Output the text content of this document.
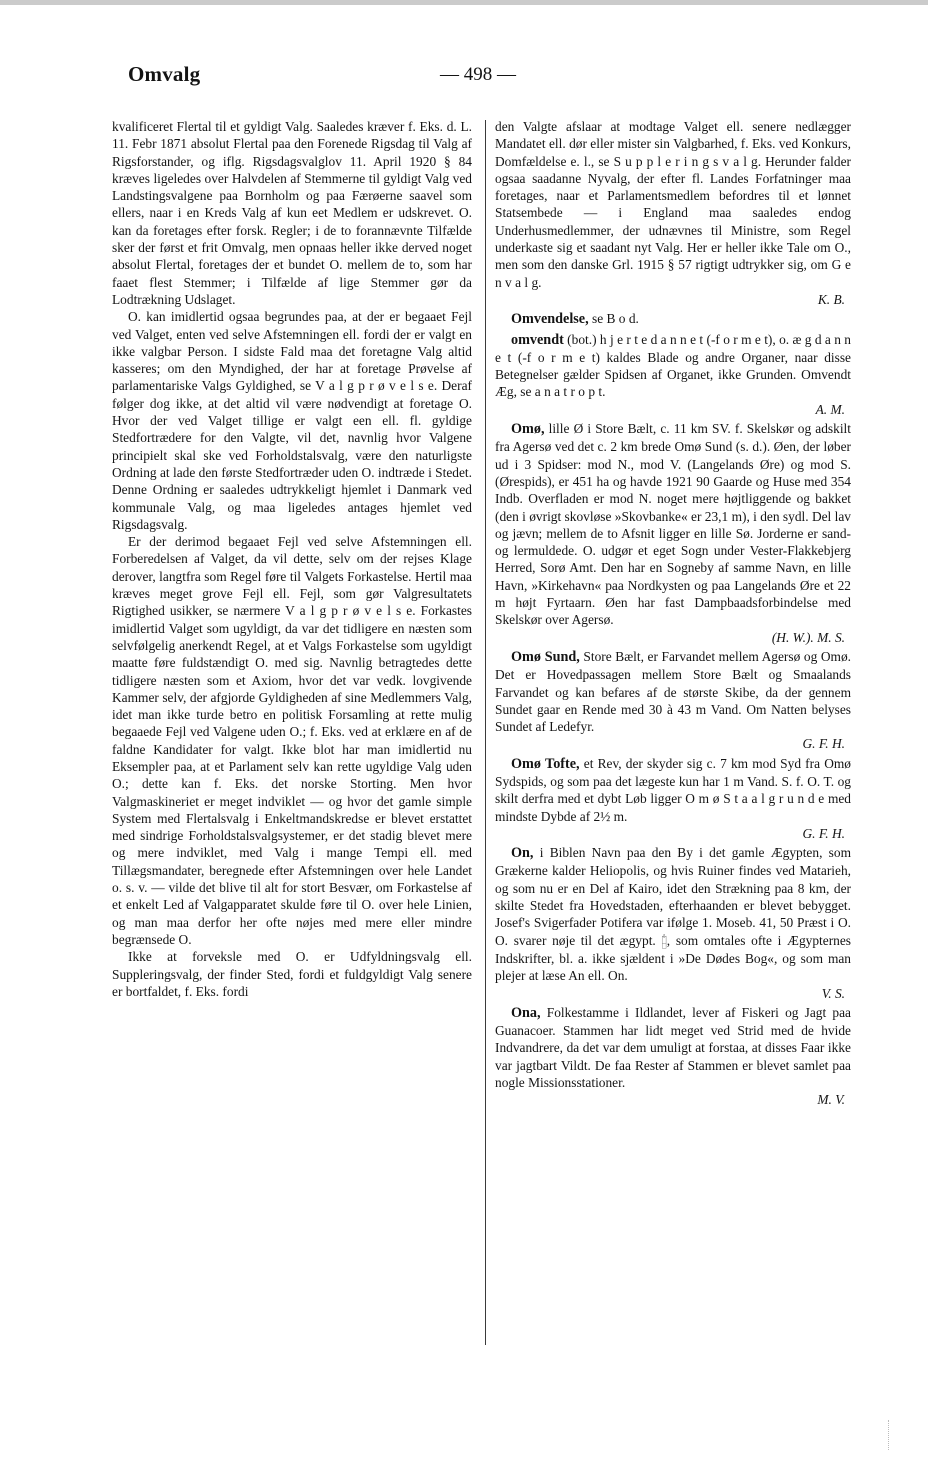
Omvalg	— 498 —

kvalificeret Flertal til et gyldigt Valg. Saaledes kræver f. Eks. d. L. 11. Febr 1871 absolut Flertal paa den Forenede Rigsdag til Valg af Rigsforstander, og iflg. Rigsdagsvalglov 11. April 1920 § 84 kræves ligeledes over Halvdelen af Stemmerne til gyldigt Valg ved Landstingsvalgene paa Bornholm og paa Færøerne saavel som ellers, naar i en Kreds Valg af kun eet Medlem er udskrevet. O. kan da foretages efter forsk. Regler; i de to forannævnte Tilfælde sker der først et frit Omvalg, men opnaas heller ikke derved noget absolut Flertal, foretages der et bundet O. mellem de to, som har faaet flest Stemmer; i Tilfælde af lige Stemmer gør da Lodtrækning Udslaget.

O. kan imidlertid ogsaa begrundes paa, at der er begaaet Fejl ved Valget, enten ved selve Afstemningen ell. fordi der er valgt en ikke valgbar Person. I sidste Fald maa det foretagne Valg altid kasseres; om den Myndighed, der har at foretage Prøvelse af parlamentariske Valgs Gyldighed, se V a l g p r ø v e l s e. Deraf følger dog ikke, at det altid vil være nødvendigt at foretage O. Hvor der ved Valget tillige er valgt een ell. fl. gyldige Stedfortrædere for den Valgte, vil det, navnlig hvor Valgene principielt skal ske ved Forholdstalsvalg, være den naturligste Ordning at lade den første Stedfortræder uden O. indtræde i Stedet. Denne Ordning er saaledes udtrykkeligt hjemlet i Danmark ved kommunale Valg, og maa ligeledes antages hjemlet ved Rigsdagsvalg.

Er der derimod begaaet Fejl ved selve Afstemningen ell. Forberedelsen af Valget, da vil dette, selv om der rejses Klage derover, langtfra som Regel føre til Valgets Forkastelse. Hertil maa kræves meget grove Fejl ell. Fejl, som gør Valgresultatets Rigtighed usikker, se nærmere V a l g p r ø v e l s e. Forkastes imidlertid Valget som ugyldigt, da var det tidligere en næsten som selvfølgelig anerkendt Regel, at et Valgs Forkastelse som ugyldigt maatte føre fuldstændigt O. med sig. Navnlig betragtedes dette tidligere næsten som et Axiom, hvor det var vedk. lovgivende Kammer selv, der afgjorde Gyldigheden af sine Medlemmers Valg, idet man ikke turde betro en politisk Forsamling at rette mulig begaaede Fejl ved Valgene uden O.; f. Eks. ved at erklære en af de faldne Kandidater for valgt. Ikke blot har man imidlertid nu Eksempler paa, at et Parlament selv kan rette ugyldige Valg uden O.; dette kan f. Eks. det norske Storting. Men hvor Valgmaskineriet er meget indviklet — og hvor det gamle simple System med Flertalsvalg i Enkeltmandskredse er blevet erstattet med sindrige Forholdstalsvalgsystemer, er det stadig blevet mere og mere indviklet, med Valg i mange Tempi ell. med Tillægsmandater, beregnede efter Afstemningen over hele Landet o. s. v. — vilde det blive til alt for stort Besvær, om Forkastelse af et enkelt Led af Valgapparatet skulde føre til O. over hele Linien, og man maa derfor her ofte nøjes med mere eller mindre begrænsede O.

Ikke at forveksle med O. er Udfyldningsvalg ell. Suppleringsvalg, der finder Sted, fordi et fuldgyldigt Valg senere er bortfaldet, f. Eks. fordi

den Valgte afslaar at modtage Valget ell. senere nedlægger Mandatet ell. dør eller mister sin Valgbarhed, f. Eks. ved Konkurs, Domfældelse e. l., se S u p p l e r i n g s v a l g. Herunder falder ogsaa saadanne Nyvalg, der efter fl. Landes Forfatninger maa foretages, naar et Parlamentsmedlem befordres til et lønnet Statsembede — i England maa saaledes endog Underhusmedlemmer, der udnævnes til Ministre, som Regel underkaste sig et saadant nyt Valg. Her er heller ikke Tale om O., men som den danske Grl. 1915 § 57 rigtigt udtrykker sig, om G e n v a l g.

K. B.

Omvendelse, se B o d.

omvendt (bot.) h j e r t e d a n n e t (-f o r m e t), o. æ g d a n n e t (-f o r m e t) kaldes Blade og andre Organer, naar disse Betegnelser gælder Spidsen af Organet, ikke Grunden. Omvendt Æg, se a n a t r o p t.

A. M.

Omø, lille Ø i Store Bælt, c. 11 km SV. f. Skelskør og adskilt fra Agersø ved det c. 2 km brede Omø Sund (s. d.). Øen, der løber ud i 3 Spidser: mod N., mod V. (Langelands Øre) og mod S. (Ørespids), er 451 ha og havde 1921 90 Gaarde og Huse med 354 Indb. Overfladen er mod N. noget mere højtliggende og bakket (den i øvrigt skovløse »Skovbanke« er 23,1 m), i den sydl. Del lav og jævn; mellem de to Afsnit ligger en lille Sø. Jorderne er sand- og lermuldede. O. udgør et eget Sogn under Vester-Flakkebjerg Herred, Sorø Amt. Den har en Sogneby af samme Navn, en lille Havn, »Kirkehavn« paa Nordkysten og paa Langelands Øre et 22 m højt Fyrtaarn. Øen har fast Dampbaadsforbindelse med Skelskør over Agersø.

(H. W.). M. S.

Omø Sund, Store Bælt, er Farvandet mellem Agersø og Omø. Det er Hovedpassagen mellem Store Bælt og Smaalands Farvandet og kan befares af de største Skibe, da der gennem Sundet gaar en Rende med 30 à 43 m Vand. Om Natten belyses Sundet af Ledefyr.

G. F. H.

Omø Tofte, et Rev, der skyder sig c. 7 km mod Syd fra Omø Sydspids, og som paa det lægeste kun har 1 m Vand. S. f. O. T. og skilt derfra med et dybt Løb ligger O m ø S t a a l g r u n d e med mindste Dybde af 2½ m.

G. F. H.

On, i Biblen Navn paa den By i det gamle Ægypten, som Grækerne kalder Heliopolis, og hvis Ruiner findes ved Matarieh, og som nu er en Del af Kairo, idet den Strækning paa 8 km, der skilte Stedet fra Hovedstaden, efterhaanden er blevet bebygget. Josef's Svigerfader Potifera var ifølge 1. Moseb. 41, 50 Præst i O. O. svarer nøje til det ægypt. 𓉺, som omtales ofte i Ægypternes Indskrifter, bl. a. ikke sjældent i »De Dødes Bog«, og som man plejer at læse An ell. On.

V. S.

Ona, Folkestamme i Ildlandet, lever af Fiskeri og Jagt paa Guanacoer. Stammen har lidt meget ved Strid med de hvide Indvandrere, da det var dem umuligt at forstaa, at disses Faar ikke var jagtbart Vildt. De faa Rester af Stammen er blevet samlet paa nogle Missionsstationer.

M. V.
